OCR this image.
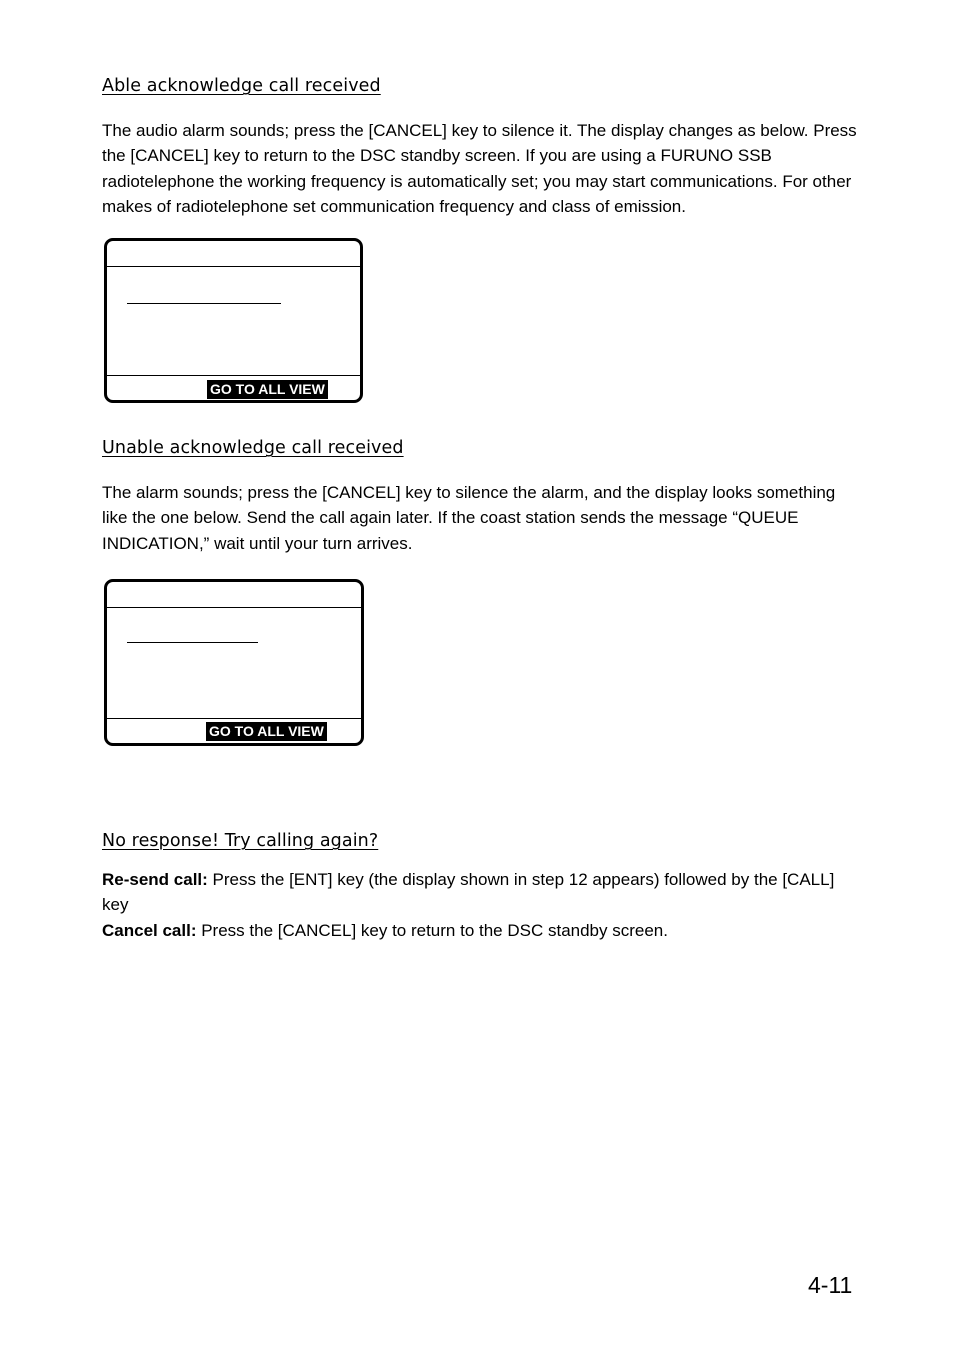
Able acknowledge call received
The audio alarm sounds; press the [CANCEL] key to silence it. The display changes as below. Press the [CANCEL] key to return to the DSC standby screen. If you are using a FURUNO SSB radiotelephone the working frequency is automatically set; you may start communications. For other makes of radiotelephone set communication frequency and class of emission.
GO TO ALL VIEW
Unable acknowledge call received
The alarm sounds; press the [CANCEL] key to silence the alarm, and the display looks something like the one below. Send the call again later. If the coast station sends the message “QUEUE INDICATION,” wait until your turn arrives.
GO TO ALL VIEW
No response! Try calling again?

Re-send call: Press the [ENT] key (the display shown in step 12 appears) followed by the [CALL] key

Cancel call: Press the [CANCEL] key to return to the DSC standby screen.

4-11
